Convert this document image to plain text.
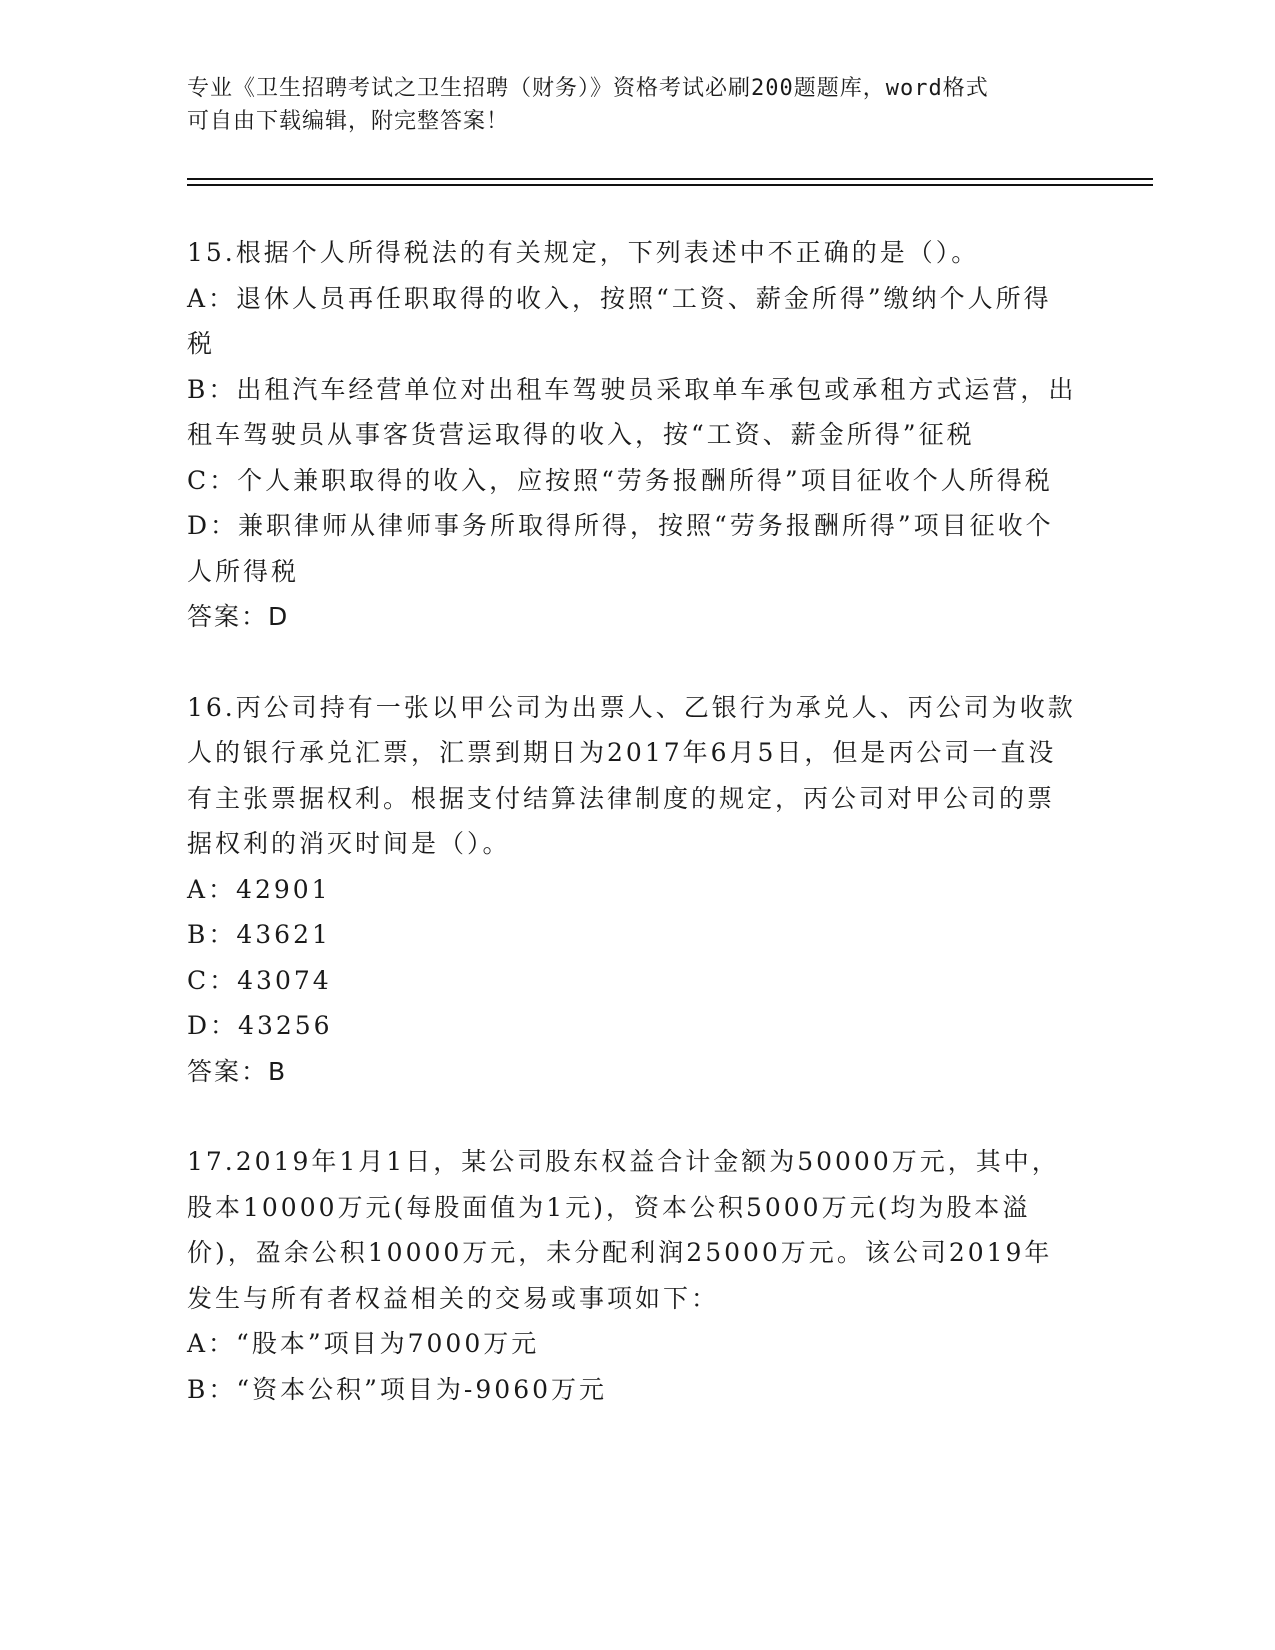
专业《卫生招聘考试之卫生招聘（财务）》资格考试必刷200题题库，word格式
可自由下载编辑，附完整答案！

15.根据个人所得税法的有关规定，下列表述中不正确的是（）。

A：退休人员再任职取得的收入，按照“工资、薪金所得”缴纳个人所得税

B：出租汽车经营单位对出租车驾驶员采取单车承包或承租方式运营，出租车驾驶员从事客货营运取得的收入，按“工资、薪金所得”征税

C：个人兼职取得的收入，应按照“劳务报酬所得”项目征收个人所得税

D：兼职律师从律师事务所取得所得，按照“劳务报酬所得”项目征收个人所得税

答案：D

16.丙公司持有一张以甲公司为出票人、乙银行为承兑人、丙公司为收款人的银行承兑汇票，汇票到期日为2017年6月5日，但是丙公司一直没有主张票据权利。根据支付结算法律制度的规定，丙公司对甲公司的票据权利的消灭时间是（）。

A：42901

B：43621

C：43074

D：43256

答案：B

17.2019年1月1日，某公司股东权益合计金额为50000万元，其中，股本10000万元(每股面值为1元)，资本公积5000万元(均为股本溢价)，盈余公积10000万元，未分配利润25000万元。该公司2019年发生与所有者权益相关的交易或事项如下：

A：“股本”项目为7000万元

B：“资本公积”项目为-9060万元
